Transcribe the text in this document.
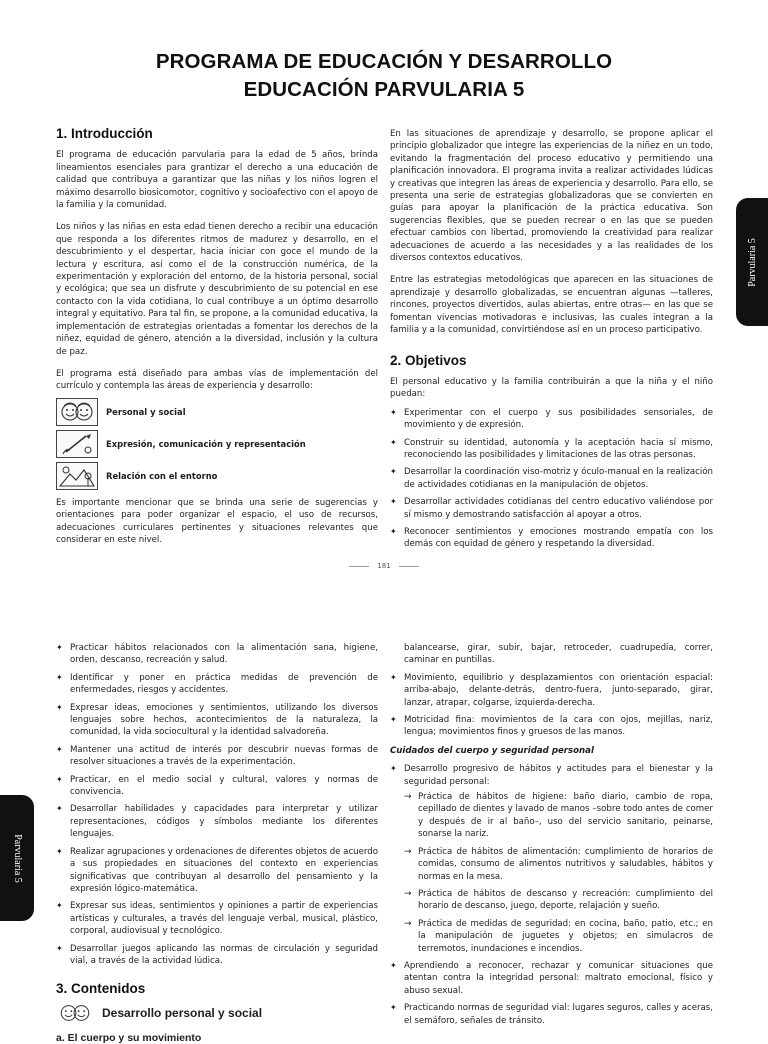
PROGRAMA DE EDUCACIÓN Y DESARROLLO
EDUCACIÓN PARVULARIA 5
1. Introducción

El programa de educación parvularia para la edad de 5 años, brinda lineamientos esenciales para grantizar el derecho a una educación de calidad que contribuya a garantizar que las niñas y los niños logren el máximo desarrollo biosicomotor, cognitivo y socioafectivo con el apoyo de la familia y la comunidad.

Los niños y las niñas en esta edad tienen derecho a recibir una educación que responda a los diferentes ritmos de madurez y desarrollo, en el descubrimiento y el despertar, hacia iniciar con goce el mundo de la lectura y escritura, así como el de la construcción numérica, de la experimentación y exploración del entorno, de la historia personal, social y ecológica; que sea un disfrute y descubrimiento de su potencial en ese contacto con la vida cotidiana, lo cual contribuye a un óptimo desarrollo integral y equitativo. Para tal fin, se propone, a la comunidad educativa, la implementación de estrategias orientadas a fomentar los derechos de la niñez, equidad de género, atención a la diversidad, inclusión y la cultura de paz.

El programa está diseñado para ambas vías de implementación del currículo y contempla las áreas de experiencia y desarrollo:

Personal y social
Expresión, comunicación y representación
Relación con el entorno

Es importante mencionar que se brinda una serie de sugerencias y orientaciones para poder organizar el espacio, el uso de recursos, adecuaciones curriculares pertinentes y situaciones relevantes que considerar en este nivel.

En las situaciones de aprendizaje y desarrollo, se propone aplicar el principio globalizador que integre las experiencias de la niñez en un todo, evitando la fragmentación del proceso educativo y permitiendo una planificación innovadora. El programa invita a realizar actividades lúdicas y creativas que integren las áreas de experiencia y desarrollo. Para ello, se presenta una serie de estrategias globalizadoras que se convierten en guías para apoyar la planificación de la práctica educativa. Son sugerencias flexibles, que se pueden recrear o en las que se pueden efectuar cambios con libertad, promoviendo la creatividad para realizar adecuaciones de acuerdo a las necesidades y a las realidades de los diversos contextos educativos.

Entre las estrategias metodológicas que aparecen en las situaciones de aprendizaje y desarrollo globalizadas, se encuentran algunas —talleres, rincones, proyectos divertidos, aulas abiertas, entre otras— en las que se fomentan vivencias motivadoras e inclusivas, las cuales integran a la familia y a la comunidad, convirtiéndose así en un proceso participativo.

2. Objetivos

El personal educativo y la familia contribuirán a que la niña y el niño puedan:

✦ Experimentar con el cuerpo y sus posibilidades sensoriales, de movimiento y de expresión.
✦ Construir su identidad, autonomía y la aceptación hacia sí mismo, reconociendo las posibilidades y limitaciones de las otras personas.
✦ Desarrollar la coordinación viso-motriz y óculo-manual en la realización de actividades cotidianas en la manipulación de objetos.
✦ Desarrollar actividades cotidianas del centro educativo valiéndose por sí mismo y demostrando satisfacción al apoyar a otros.
✦ Reconocer sentimientos y emociones mostrando empatía con los demás con equidad de género y respetando la diversidad.
181
Parvularia 5
✦ Practicar hábitos relacionados con la alimentación sana, higiene, orden, descanso, recreación y salud.
✦ Identificar y poner en práctica medidas de prevención de enfermedades, riesgos y accidentes.
✦ Expresar ideas, emociones y sentimientos, utilizando los diversos lenguajes sobre hechos, acontecimientos de la naturaleza, la comunidad, la vida sociocultural y la identidad salvadoreña.
✦ Mantener una actitud de interés por descubrir nuevas formas de resolver situaciones a través de la experimentación.
✦ Practicar, en el medio social y cultural, valores y normas de convivencia.
✦ Desarrollar habilidades y capacidades para interpretar y utilizar representaciones, códigos y símbolos mediante los diferentes lenguajes.
✦ Realizar agrupaciones y ordenaciones de diferentes objetos de acuerdo a sus propiedades en situaciones del contexto en experiencias significativas que contribuyan al desarrollo del pensamiento y la expresión lógico-matemática.
✦ Expresar sus ideas, sentimientos y opiniones a partir de experiencias artísticas y culturales, a través del lenguaje verbal, musical, plástico, corporal, audiovisual y tecnológico.
✦ Desarrollar juegos aplicando las normas de circulación y seguridad vial, a través de la actividad lúdica.
3. Contenidos
Desarrollo personal y social
a. El cuerpo y su movimiento

balancearse, girar, subir, bajar, retroceder, cuadrupedia, correr, caminar en puntillas.

✦ Movimiento, equilibrio y desplazamientos con orientación espacial: arriba-abajo, delante-detrás, dentro-fuera, junto-separado, girar, lanzar, atrapar, colgarse, izquierda-derecha.
✦ Motricidad fina: movimientos de la cara con ojos, mejillas, nariz, lengua; movimientos finos y gruesos de las manos.
Cuidados del cuerpo y seguridad personal
✦ Desarrollo progresivo de hábitos y actitudes para el bienestar y la seguridad personal:
→ Práctica de hábitos de higiene: baño diario, cambio de ropa, cepillado de dientes y lavado de manos –sobre todo antes de comer y después de ir al baño–, uso del servicio sanitario, peinarse, sonarse la nariz.
→ Práctica de hábitos de alimentación: cumplimiento de horarios de comidas, consumo de alimentos nutritivos y saludables, hábitos y normas en la mesa.
→ Práctica de hábitos de descanso y recreación: cumplimiento del horario de descanso, juego, deporte, relajación y sueño.
→ Práctica de medidas de seguridad: en cocina, baño, patio, etc.; en la manipulación de juguetes y objetos; en simulacros de terremotos, inundaciones e incendios.
✦ Aprendiendo a reconocer, rechazar y comunicar situaciones que atentan contra la integridad personal: maltrato emocional, físico y abuso sexual.
✦ Practicando normas de seguridad vial: lugares seguros, calles y aceras, el semáforo, señales de tránsito.
Parvularia 5
